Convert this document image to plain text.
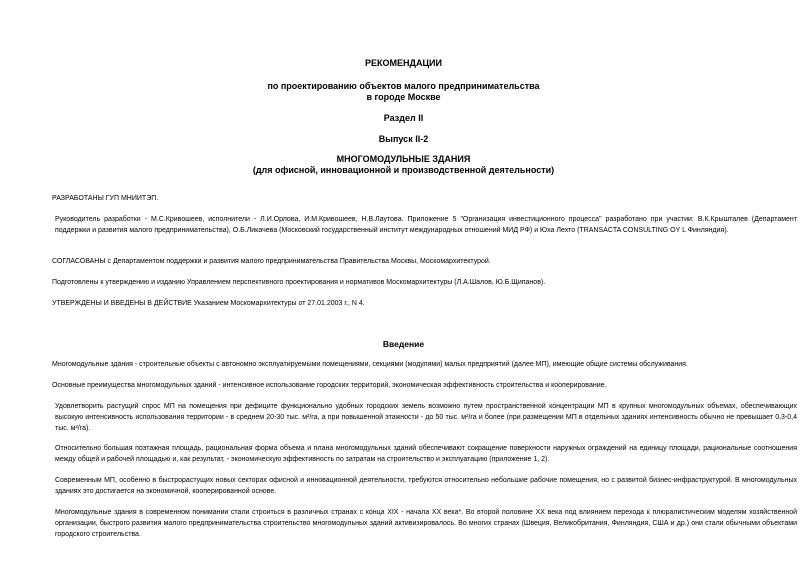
РЕКОМЕНДАЦИИ
по проектированию объектов малого предпринимательства
в городе Москве
Раздел II
Выпуск II-2
МНОГОМОДУЛЬНЫЕ ЗДАНИЯ
(для офисной, инновационной и производственной деятельности)
РАЗРАБОТАНЫ ГУП МНИИТЭП.
Руководитель разработки - М.С.Кривошеев, исполнители - Л.И.Орлова, И.М.Кривошеев, Н.В.Лаутова. Приложение 5 "Организация инвестиционного процесса" разработано при участии: В.К.Крышталев (Департамент поддержки и развития малого предпринимательства), О.Б.Ликачева (Московский государственный институт международных отношений МИД РФ) и Юха Лехто (TRANSACTA CONSULTING OY L Финляндия).
СОГЛАСОВАНЫ с Департаментом поддержки и развития малого предпринимательства Правительства Москвы, Москомархитектурой.
Подготовлены к утверждению и изданию Управлением перспективного проектирования и нормативов Москомархитектуры (Л.А.Шалов, Ю.Б.Щипанов).
УТВЕРЖДЕНЫ И ВВЕДЕНЫ В ДЕЙСТВИЕ Указанием Москомархитектуры от 27.01.2003 г., N 4.
Введение
Многомодульные здания - строительные объекты с автономно эксплуатируемыми помещениями, секциями (модулями) малых предприятий (далее МП), имеющие общие системы обслуживания.
Основные преимущества многомодульных зданий - интенсивное использование городских территорий, экономическая эффективность строительства и кооперирование.
Удовлетворить растущий спрос МП на помещения при дефиците функционально удобных городских земель возможно путем пространственной концентрации МП в крупных многомодульных объемах, обеспечивающих высокую интенсивность использования территории - в среднем 20-30 тыс. м²/га, а при повышенной этажности - до 50 тыс. м²/га и более (при размещении МП в отдельных зданиях интенсивность обычно не превышает 0,3-0,4 тыс. м²/га).
Относительно большая поэтажная площадь, рациональная форма объема и плана многомодульных зданий обеспечивают сокращение поверхности наружных ограждений на единицу площади, рациональные соотношения между общей и рабочей площадью и, как результат, - экономическую эффективность по затратам на строительство и эксплуатацию (приложение 1, 2).
Современным МП, особенно в быстрорастущих новых секторах офисной и инновационной деятельности, требуются относительно небольшие рабочие помещения, но с развитой бизнес-инфраструктурой. В многомодульных зданиях это достигается на экономичной, кооперированной основе.
Многомодульные здания в современном понимании стали строиться в различных странах с конца XIX - начала XX века*. Во второй половине XX века под влиянием перехода к плюралистическим моделям хозяйственной организации, быстрого развития малого предпринимательства строительство многомодульных зданий активизировалось. Во многих странах (Швеция, Великобритания, Финляндия, США и др.) они стали обычными объектами городского строительства.
